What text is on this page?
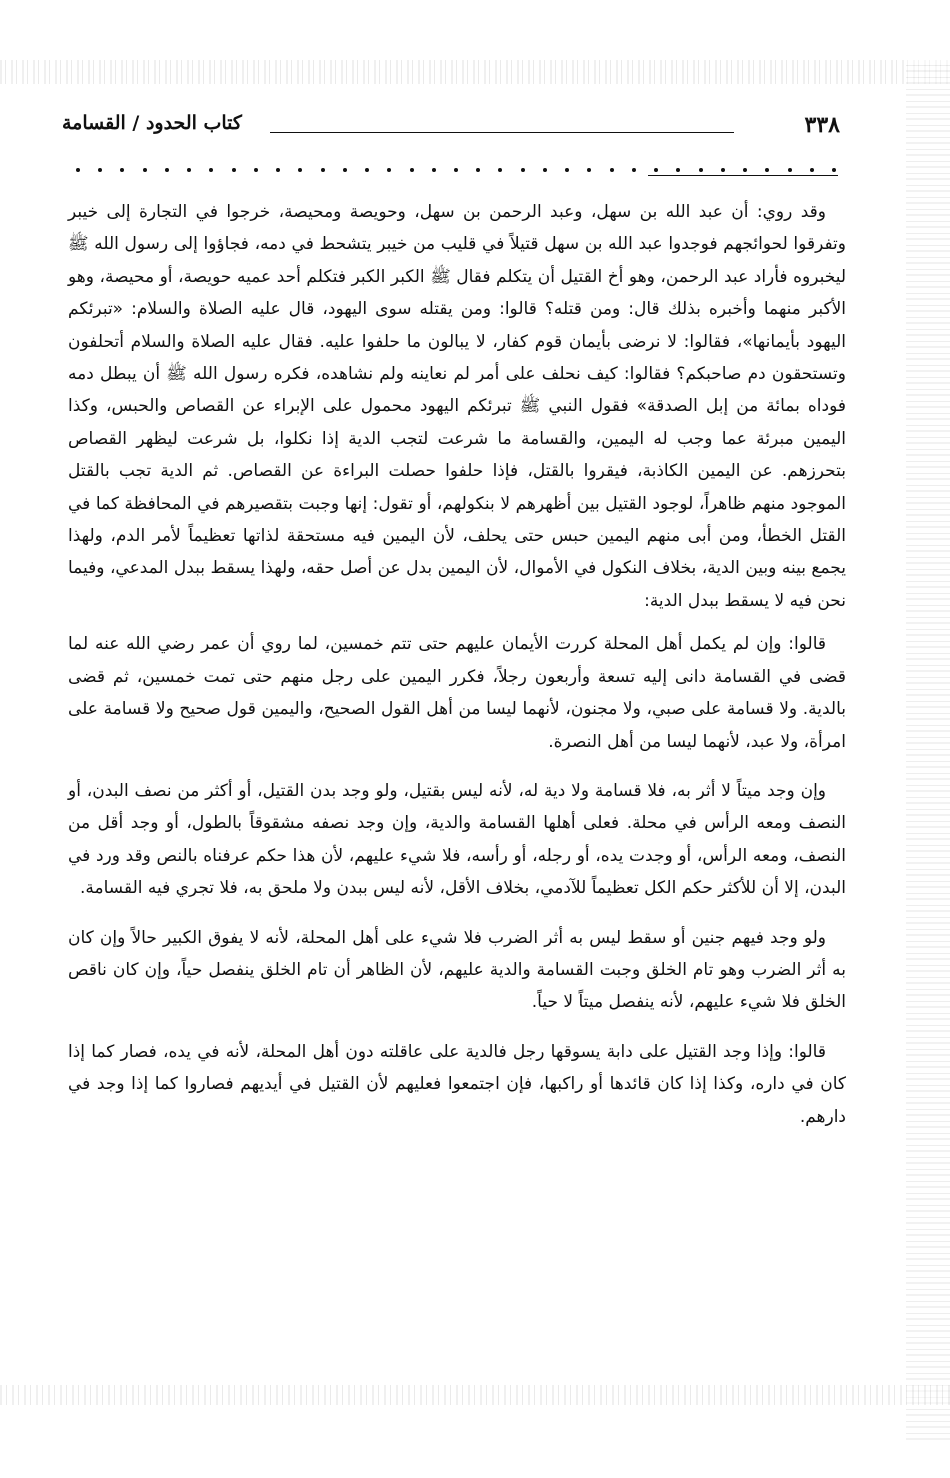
٣٣٨
كتاب الحدود / القسامة

وقد روي: أن عبد الله بن سهل، وعبد الرحمن بن سهل، وحويصة ومحيصة، خرجوا في التجارة إلى خيبر وتفرقوا لحوائجهم فوجدوا عبد الله بن سهل قتيلاً في قليب من خيبر يتشحط في دمه، فجاؤوا إلى رسول الله ﷺ ليخبروه فأراد عبد الرحمن، وهو أخ القتيل أن يتكلم فقال ﷺ الكبر الكبر فتكلم أحد عميه حويصة، أو محيصة، وهو الأكبر منهما وأخبره بذلك قال: ومن قتله؟ قالوا: ومن يقتله سوى اليهود، قال عليه الصلاة والسلام: «تبرئكم اليهود بأيمانها»، فقالوا: لا نرضى بأيمان قوم كفار، لا يبالون ما حلفوا عليه. فقال عليه الصلاة والسلام أتحلفون وتستحقون دم صاحبكم؟ فقالوا: كيف نحلف على أمر لم نعاينه ولم نشاهده، فكره رسول الله ﷺ أن يبطل دمه فوداه بمائة من إبل الصدقة» فقول النبي ﷺ تبرئكم اليهود محمول على الإبراء عن القصاص والحبس، وكذا اليمين مبرئة عما وجب له اليمين، والقسامة ما شرعت لتجب الدية إذا نكلوا، بل شرعت ليظهر القصاص بتحرزهم. عن اليمين الكاذبة، فيقروا بالقتل، فإذا حلفوا حصلت البراءة عن القصاص. ثم الدية تجب بالقتل الموجود منهم ظاهراً، لوجود القتيل بين أظهرهم لا بنكولهم، أو تقول: إنها وجبت بتقصيرهم في المحافظة كما في القتل الخطأ، ومن أبى منهم اليمين حبس حتى يحلف، لأن اليمين فيه مستحقة لذاتها تعظيماً لأمر الدم، ولهذا يجمع بينه وبين الدية، بخلاف النكول في الأموال، لأن اليمين بدل عن أصل حقه، ولهذا يسقط ببدل المدعي، وفيما نحن فيه لا يسقط ببدل الدية:

قالوا: وإن لم يكمل أهل المحلة كررت الأيمان عليهم حتى تتم خمسين، لما روي أن عمر رضي الله عنه لما قضى في القسامة دانى إليه تسعة وأربعون رجلاً، فكرر اليمين على رجل منهم حتى تمت خمسين، ثم قضى بالدية. ولا قسامة على صبي، ولا مجنون، لأنهما ليسا من أهل القول الصحيح، واليمين قول صحيح ولا قسامة على امرأة، ولا عبد، لأنهما ليسا من أهل النصرة.

وإن وجد ميتاً لا أثر به، فلا قسامة ولا دية له، لأنه ليس بقتيل، ولو وجد بدن القتيل، أو أكثر من نصف البدن، أو النصف ومعه الرأس في محلة. فعلى أهلها القسامة والدية، وإن وجد نصفه مشقوقاً بالطول، أو وجد أقل من النصف، ومعه الرأس، أو وجدت يده، أو رجله، أو رأسه، فلا شيء عليهم، لأن هذا حكم عرفناه بالنص وقد ورد في البدن، إلا أن للأكثر حكم الكل تعظيماً للآدمي، بخلاف الأقل، لأنه ليس ببدن ولا ملحق به، فلا تجري فيه القسامة.

ولو وجد فيهم جنين أو سقط ليس به أثر الضرب فلا شيء على أهل المحلة، لأنه لا يفوق الكبير حالاً وإن كان به أثر الضرب وهو تام الخلق وجبت القسامة والدية عليهم، لأن الظاهر أن تام الخلق ينفصل حياً، وإن كان ناقص الخلق فلا شيء عليهم، لأنه ينفصل ميتاً لا حياً.

قالوا: وإذا وجد القتيل على دابة يسوقها رجل فالدية على عاقلته دون أهل المحلة، لأنه في يده، فصار كما إذا كان في داره، وكذا إذا كان قائدها أو راكبها، فإن اجتمعوا فعليهم لأن القتيل في أيديهم فصاروا كما إذا وجد في دارهم.
